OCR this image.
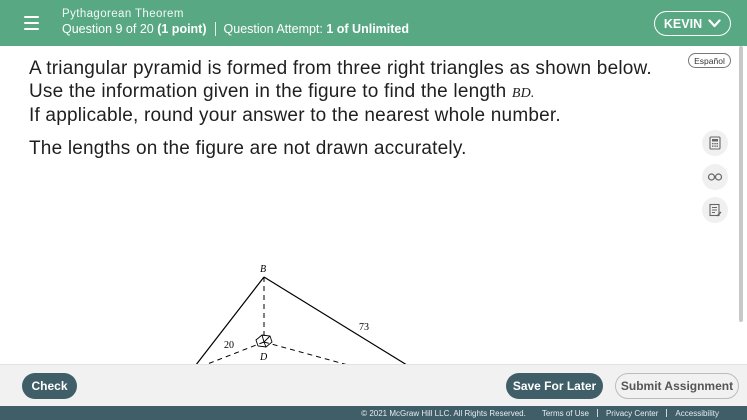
Pythagorean Theorem
Question 9 of 20
(1 point) Question Attempt:
1 of Unlimited	KEVIN

A triangular pyramid is formed from three right triangles as shown below.

Use the information given in the figure to find the length BD.

If applicable, round your answer to the nearest whole number.

The lengths on the figure are not drawn accurately.

Español
B
D
20
73
Check	Save For Later	Submit Assignment
© 2021 McGraw Hill LLC. All Rights Reserved.	Terms of Use	Privacy Center	Accessibility
